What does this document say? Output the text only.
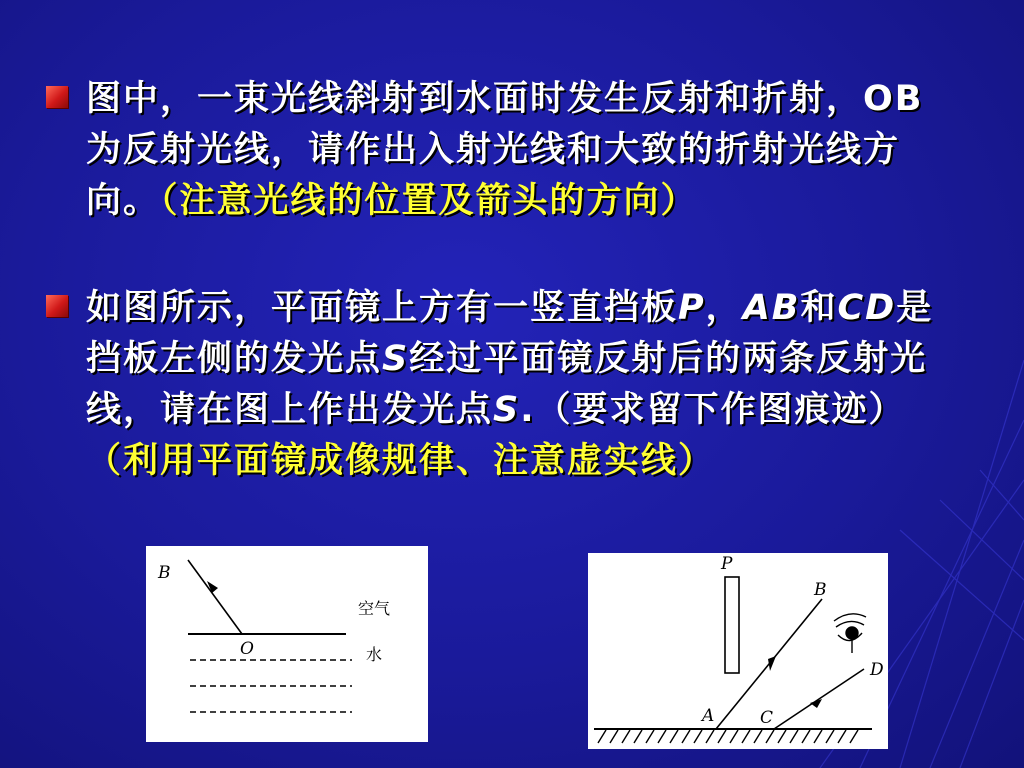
图中，一束光线斜射到水面时发生反射和折射，OB为反射光线，请作出入射光线和大致的折射光线方向。（注意光线的位置及箭头的方向）
如图所示，平面镜上方有一竖直挡板P，AB和CD是挡板左侧的发光点S经过平面镜反射后的两条反射光线，请在图上作出发光点S.（要求留下作图痕迹）（利用平面镜成像规律、注意虚实线）
B
O
空气
水
P
A
B
C
D
